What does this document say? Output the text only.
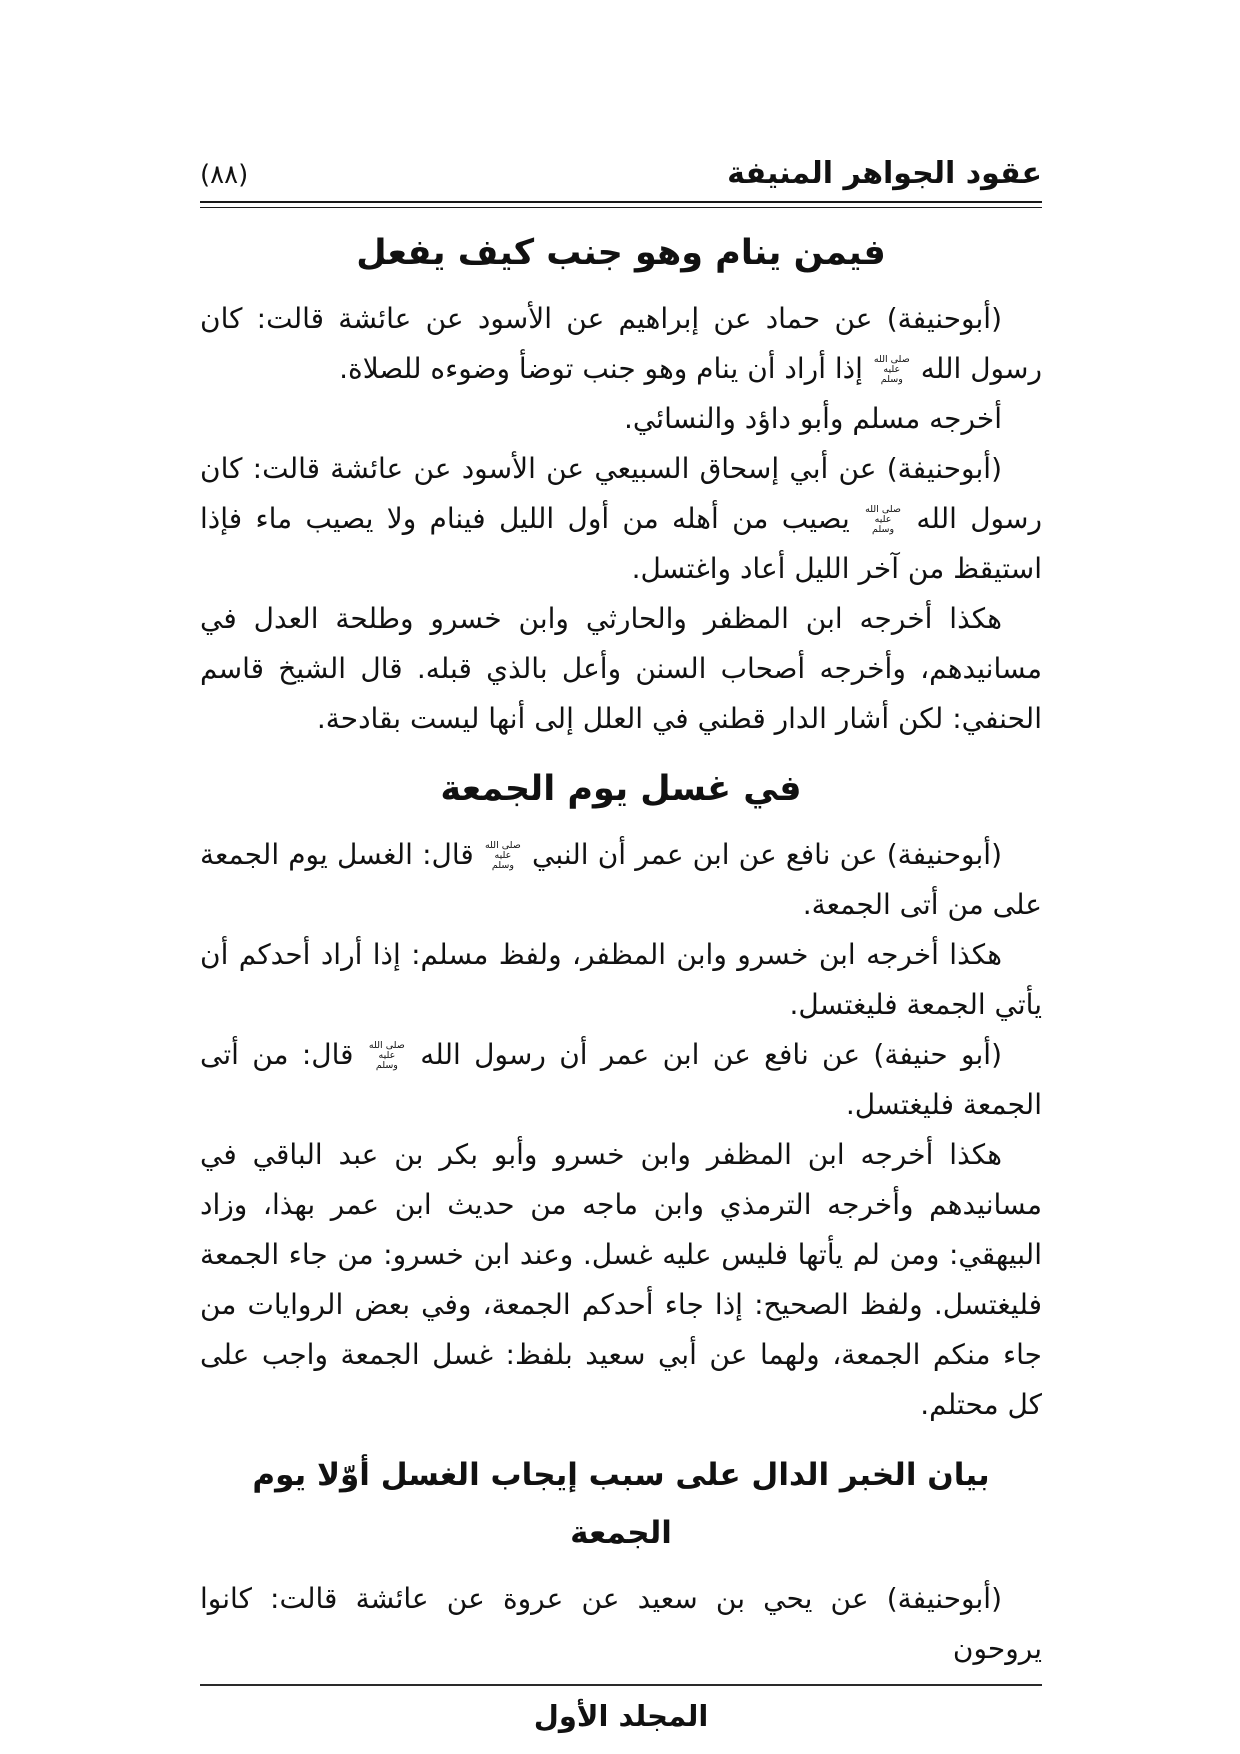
عقود الجواهر المنيفة
(٨٨)
فيمن ينام وهو جنب كيف يفعل

(أبوحنيفة) عن حماد عن إبراهيم عن الأسود عن عائشة قالت: كان رسول الله صلى الله عليه وسلم إذا أراد أن ينام وهو جنب توضأ وضوءه للصلاة.

أخرجه مسلم وأبو داؤد والنسائي.

(أبوحنيفة) عن أبي إسحاق السبيعي عن الأسود عن عائشة قالت: كان رسول الله صلى الله عليه وسلم يصيب من أهله من أول الليل فينام ولا يصيب ماء فإذا استيقظ من آخر الليل أعاد واغتسل.

هكذا أخرجه ابن المظفر والحارثي وابن خسرو وطلحة العدل في مسانيدهم، وأخرجه أصحاب السنن وأعل بالذي قبله. قال الشيخ قاسم الحنفي: لكن أشار الدار قطني في العلل إلى أنها ليست بقادحة.

في غسل يوم الجمعة

(أبوحنيفة) عن نافع عن ابن عمر أن النبي صلى الله عليه وسلم قال: الغسل يوم الجمعة على من أتى الجمعة.

هكذا أخرجه ابن خسرو وابن المظفر، ولفظ مسلم: إذا أراد أحدكم أن يأتي الجمعة فليغتسل.

(أبو حنيفة) عن نافع عن ابن عمر أن رسول الله صلى الله عليه وسلم قال: من أتى الجمعة فليغتسل.

هكذا أخرجه ابن المظفر وابن خسرو وأبو بكر بن عبد الباقي في مسانيدهم وأخرجه الترمذي وابن ماجه من حديث ابن عمر بهذا، وزاد البيهقي: ومن لم يأتها فليس عليه غسل. وعند ابن خسرو: من جاء الجمعة فليغتسل. ولفظ الصحيح: إذا جاء أحدكم الجمعة، وفي بعض الروايات من جاء منكم الجمعة، ولهما عن أبي سعيد بلفظ: غسل الجمعة واجب على كل محتلم.

بيان الخبر الدال على سبب إيجاب الغسل أوّلا يوم الجمعة

(أبوحنيفة) عن يحي بن سعيد عن عروة عن عائشة قالت: كانوا يروحون

المجلد الأول
